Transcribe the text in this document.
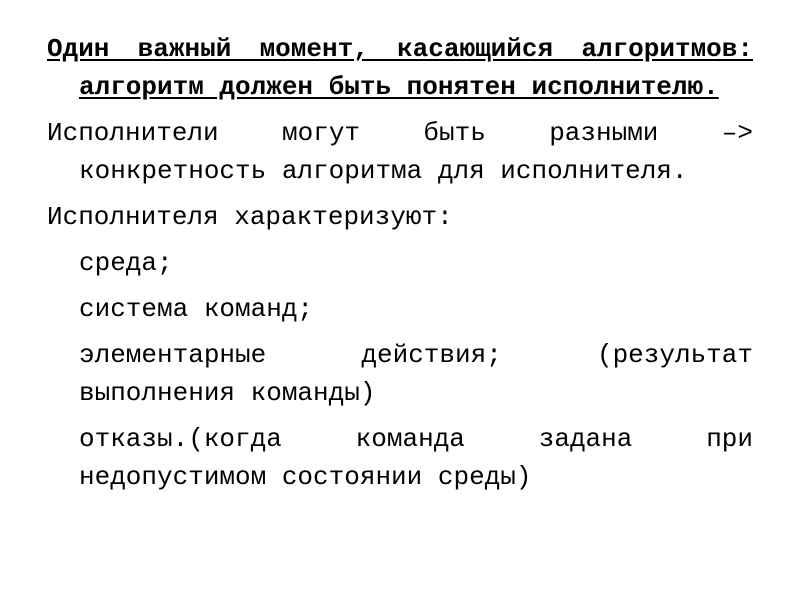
Один важный момент, касающийся алгоритмов: алгоритм должен быть понятен исполнителю.

Исполнители могут быть разными –> конкретность алгоритма для исполнителя.

Исполнителя характеризуют:

среда;

система команд;

элементарные действия; (результат выполнения команды)

отказы.(когда команда задана при недопустимом состоянии среды)
